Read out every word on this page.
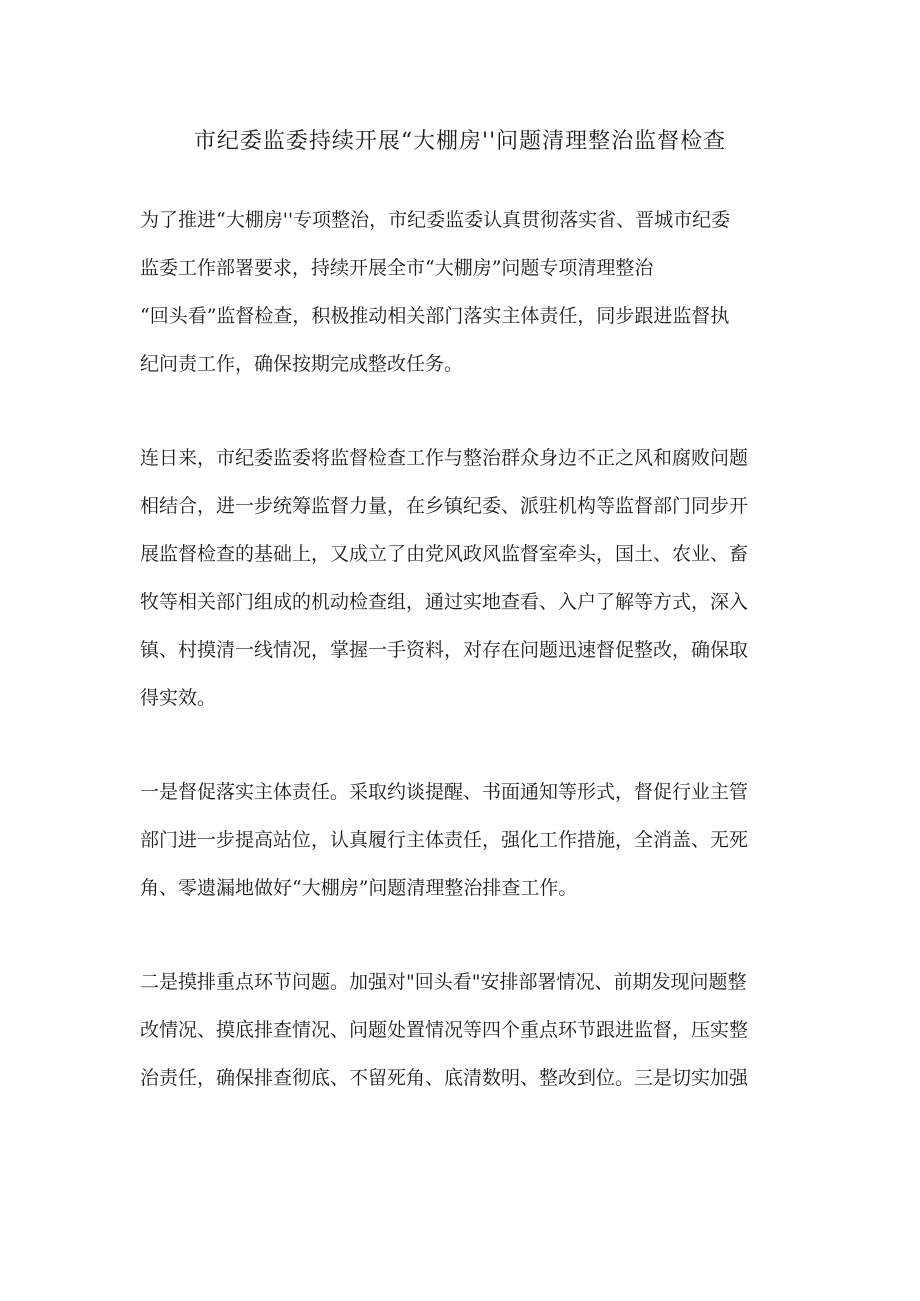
市纪委监委持续开展“大棚房''问题清理整治监督检查
为了推进“大棚房''专项整治，市纪委监委认真贯彻落实省、晋城市纪委
监委工作部署要求，持续开展全市“大棚房”问题专项清理整治
“回头看”监督检查，积极推动相关部门落实主体责任，同步跟进监督执
纪问责工作，确保按期完成整改任务。
连日来，市纪委监委将监督检查工作与整治群众身边不正之风和腐败问题
相结合，进一步统筹监督力量，在乡镇纪委、派驻机构等监督部门同步开
展监督检查的基础上，又成立了由党风政风监督室牵头，国土、农业、畜
牧等相关部门组成的机动检查组，通过实地查看、入户了解等方式，深入
镇、村摸清一线情况，掌握一手资料，对存在问题迅速督促整改，确保取
得实效。
一是督促落实主体责任。采取约谈提醒、书面通知等形式，督促行业主管
部门进一步提高站位，认真履行主体责任，强化工作措施，全消盖、无死
角、零遗漏地做好“大棚房”问题清理整治排查工作。
二是摸排重点环节问题。加强对"回头看"安排部署情况、前期发现问题整
改情况、摸底排查情况、问题处置情况等四个重点环节跟进监督，压实整
治责任，确保排查彻底、不留死角、底清数明、整改到位。三是切实加强
